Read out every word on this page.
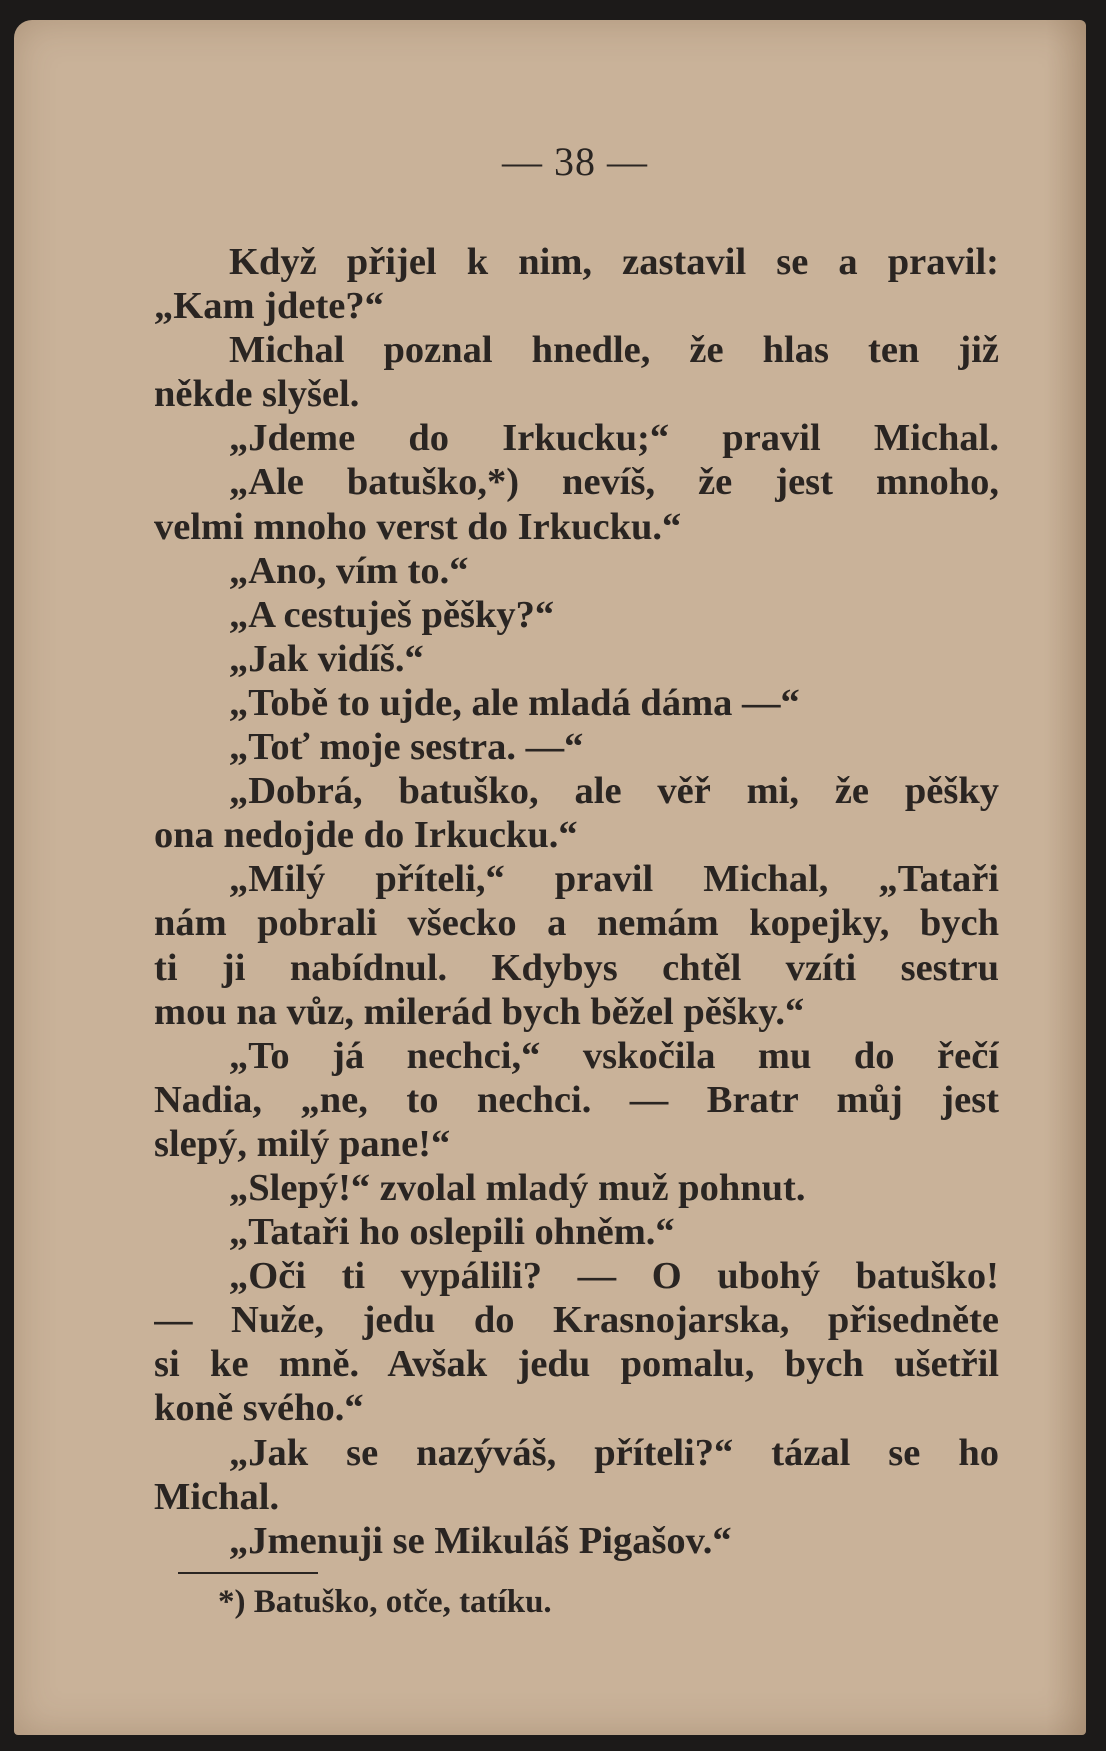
— 38 —
Když přijel k nim, zastavil se a pravil:
„Kam jdete?“
Michal poznal hnedle, že hlas ten již
někde slyšel.
„Jdeme do Irkucku;“ pravil Michal.
„Ale batuško,*) nevíš, že jest mnoho,
velmi mnoho verst do Irkucku.“
„Ano, vím to.“
„A cestuješ pěšky?“
„Jak vidíš.“
„Tobě to ujde, ale mladá dáma —“
„Toť moje sestra. —“
„Dobrá, batuško, ale věř mi, že pěšky
ona nedojde do Irkucku.“
„Milý příteli,“ pravil Michal, „Tataři
nám pobrali všecko a nemám kopejky, bych
ti ji nabídnul. Kdybys chtěl vzíti sestru
mou na vůz, milerád bych běžel pěšky.“
„To já nechci,“ vskočila mu do řečí
Nadia, „ne, to nechci. — Bratr můj jest
slepý, milý pane!“
„Slepý!“ zvolal mladý muž pohnut.
„Tataři ho oslepili ohněm.“
„Oči ti vypálili? — O ubohý batuško!
— Nuže, jedu do Krasnojarska, přisedněte
si ke mně. Avšak jedu pomalu, bych ušetřil
koně svého.“
„Jak se nazýváš, příteli?“ tázal se ho
Michal.
„Jmenuji se Mikuláš Pigašov.“
*) Batuško, otče, tatíku.
